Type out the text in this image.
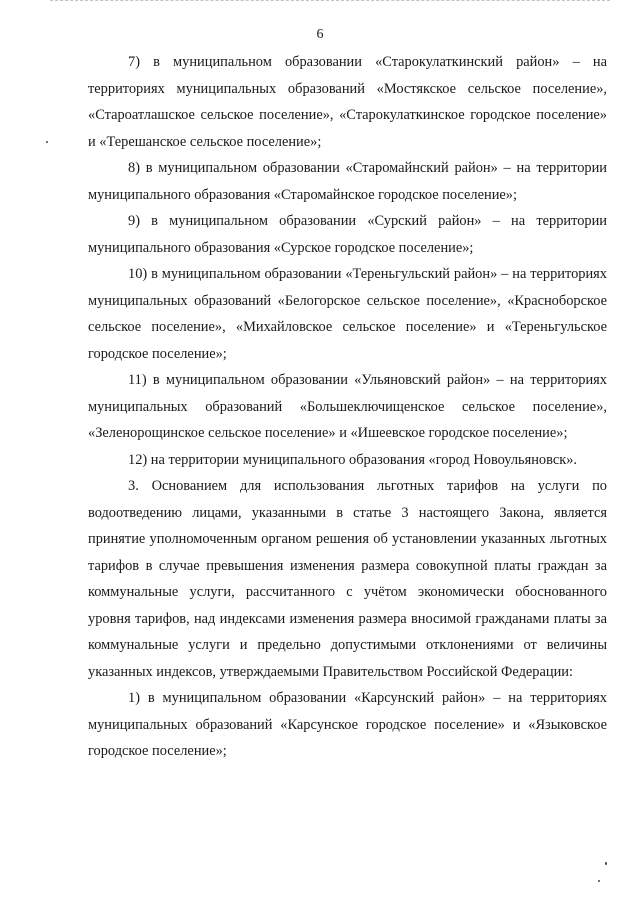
6

7) в муниципальном образовании «Старокулаткинский район» – на территориях муниципальных образований «Мостякское сельское поселение», «Староатлашское сельское поселение», «Старокулаткинское городское поселение» и «Терешанское сельское поселение»;

8) в муниципальном образовании «Старомайнский район» – на территории муниципального образования «Старомайнское городское поселение»;

9) в муниципальном образовании «Сурский район» – на территории муниципального образования «Сурское городское поселение»;

10) в муниципальном образовании «Тереньгульский район» – на территориях муниципальных образований «Белогорское сельское поселение», «Красноборское сельское поселение», «Михайловское сельское поселение» и «Тереньгульское городское поселение»;

11) в муниципальном образовании «Ульяновский район» – на территориях муниципальных образований «Большеключищенское сельское поселение», «Зеленорощинское сельское поселение» и «Ишеевское городское поселение»;

12) на территории муниципального образования «город Новоульяновск».

3. Основанием для использования льготных тарифов на услуги по водоотведению лицами, указанными в статье 3 настоящего Закона, является принятие уполномоченным органом решения об установлении указанных льготных тарифов в случае превышения изменения размера совокупной платы граждан за коммунальные услуги, рассчитанного с учётом экономически обоснованного уровня тарифов, над индексами изменения размера вносимой гражданами платы за коммунальные услуги и предельно допустимыми отклонениями от величины указанных индексов, утверждаемыми Правительством Российской Федерации:

1) в муниципальном образовании «Карсунский район» – на территориях муниципальных образований «Карсунское городское поселение» и «Языковское городское поселение»;
